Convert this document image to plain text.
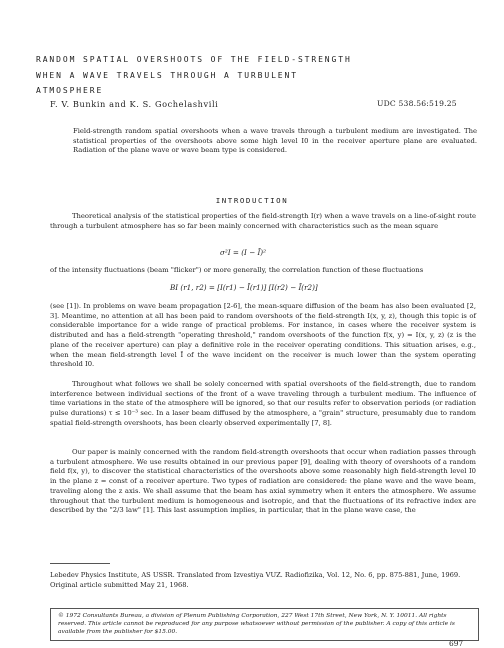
RANDOM SPATIAL OVERSHOOTS OF THE FIELD-STRENGTH
WHEN A WAVE TRAVELS THROUGH A TURBULENT
ATMOSPHERE
F. V. Bunkin and K. S. Gochelashvili	UDC 538.56:519.25
Field-strength random spatial overshoots when a wave travels through a turbulent medium are investigated. The statistical properties of the overshoots above some high level I0 in the receiver aperture plane are evaluated. Radiation of the plane wave or wave beam type is considered.
INTRODUCTION
Theoretical analysis of the statistical properties of the field-strength I(r) when a wave travels on a line-of-sight route through a turbulent atmosphere has so far been mainly concerned with characteristics such as the mean square
σ²I = (I − Ī)²
of the intensity fluctuations (beam "flicker") or more generally, the correlation function of these fluctuations
BI (r1, r2) = [I(r1) − Ī(r1)] [I(r2) − Ī(r2)]
(see [1]). In problems on wave beam propagation [2-6], the mean-square diffusion of the beam has also been evaluated [2, 3]. Meantime, no attention at all has been paid to random overshoots of the field-strength I(x, y, z), though this topic is of considerable importance for a wide range of practical problems. For instance, in cases where the receiver system is distributed and has a field-strength "operating threshold," random overshoots of the function f(x, y) = I(x, y, z) (z is the plane of the receiver aperture) can play a definitive role in the receiver operating conditions. This situation arises, e.g., when the mean field-strength level Ī of the wave incident on the receiver is much lower than the system operating threshold I0.
Throughout what follows we shall be solely concerned with spatial overshoots of the field-strength, due to random interference between individual sections of the front of a wave traveling through a turbulent medium. The influence of time variations in the state of the atmosphere will be ignored, so that our results refer to observation periods (or radiation pulse durations) τ ≤ 10⁻³ sec. In a laser beam diffused by the atmosphere, a "grain" structure, presumably due to random spatial field-strength overshoots, has been clearly observed experimentally [7, 8].
Our paper is mainly concerned with the random field-strength overshoots that occur when radiation passes through a turbulent atmosphere. We use results obtained in our previous paper [9], dealing with theory of overshoots of a random field f(x, y), to discover the statistical characteristics of the overshoots above some reasonably high field-strength level I0 in the plane z = const of a receiver aperture. Two types of radiation are considered: the plane wave and the wave beam, traveling along the z axis. We shall assume that the beam has axial symmetry when it enters the atmosphere. We assume throughout that the turbulent medium is homogeneous and isotropic, and that the fluctuations of its refractive index are described by the "2/3 law" [1]. This last assumption implies, in particular, that in the plane wave case, the
Lebedev Physics Institute, AS USSR. Translated from Izvestiya VUZ. Radiofizika, Vol. 12, No. 6, pp. 875-881, June, 1969. Original article submitted May 21, 1968.
© 1972 Consultants Bureau, a division of Plenum Publishing Corporation, 227 West 17th Street, New York, N. Y. 10011. All rights reserved. This article cannot be reproduced for any purpose whatsoever without permission of the publisher. A copy of this article is available from the publisher for $15.00.
697
